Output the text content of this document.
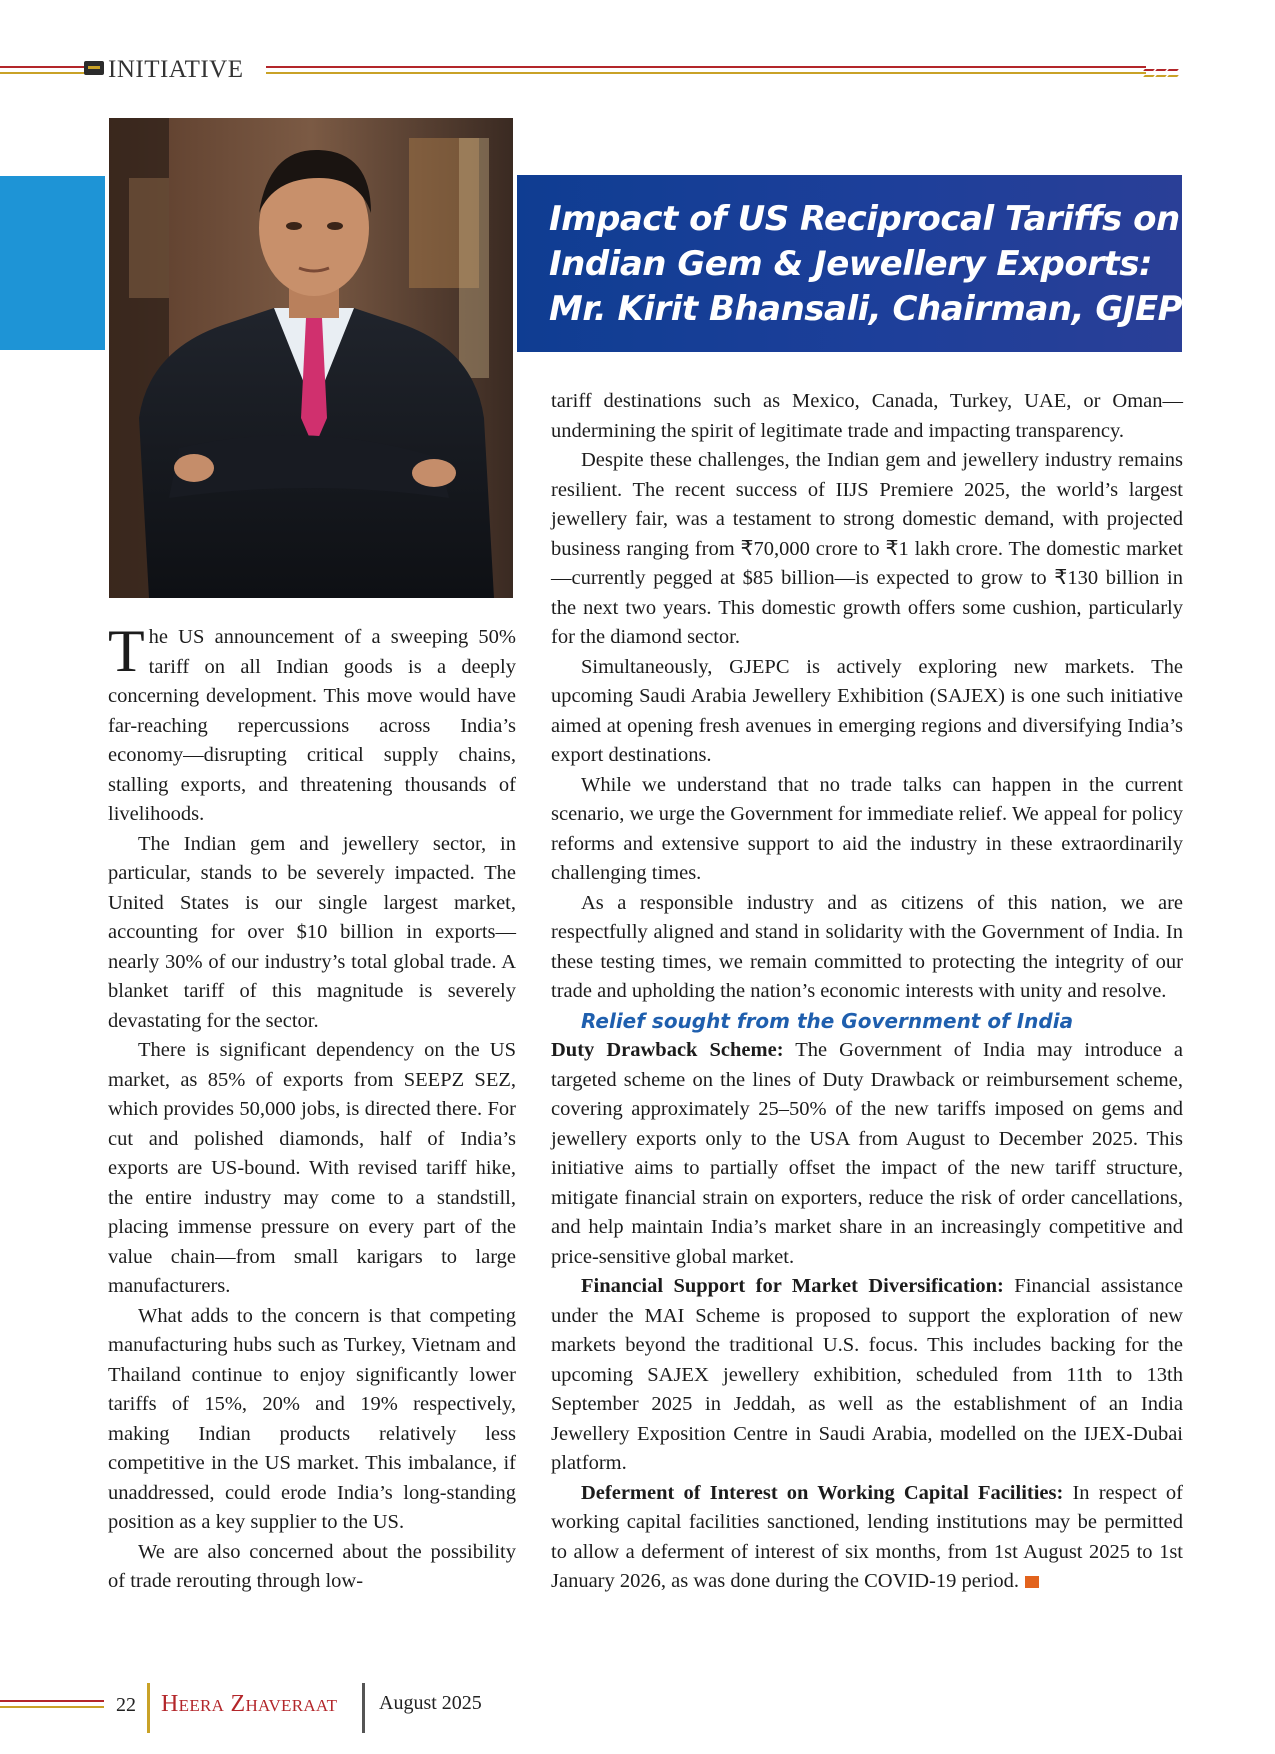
INITIATIVE
Impact of US Reciprocal Tariffs on
Indian Gem & Jewellery Exports:
Mr. Kirit Bhansali, Chairman, GJEPC

The US announcement of a sweeping 50% tariff on all Indian goods is a deeply concerning development. This move would have far-reaching repercussions across India’s economy—disrupting critical supply chains, stalling exports, and threatening thousands of livelihoods.

The Indian gem and jewellery sector, in particular, stands to be severely impacted. The United States is our single largest market, accounting for over $10 billion in exports—nearly 30% of our industry’s total global trade. A blanket tariff of this magnitude is severely devastating for the sector.

There is significant dependency on the US market, as 85% of exports from SEEPZ SEZ, which provides 50,000 jobs, is directed there. For cut and polished diamonds, half of India’s exports are US-bound. With revised tariff hike, the entire industry may come to a standstill, placing immense pressure on every part of the value chain—from small karigars to large manufacturers.

What adds to the concern is that competing manufacturing hubs such as Turkey, Vietnam and Thailand continue to enjoy significantly lower tariffs of 15%, 20% and 19% respectively, making Indian products relatively less competitive in the US market. This imbalance, if unaddressed, could erode India’s long-standing position as a key supplier to the US.

We are also concerned about the possibility of trade rerouting through low-

tariff destinations such as Mexico, Canada, Turkey, UAE, or Oman—undermining the spirit of legitimate trade and impacting transparency.

Despite these challenges, the Indian gem and jewellery industry remains resilient. The recent success of IIJS Premiere 2025, the world’s largest jewellery fair, was a testament to strong domestic demand, with projected business ranging from ₹70,000 crore to ₹1 lakh crore. The domestic market—currently pegged at $85 billion—is expected to grow to ₹130 billion in the next two years. This domestic growth offers some cushion, particularly for the diamond sector.

Simultaneously, GJEPC is actively exploring new markets. The upcoming Saudi Arabia Jewellery Exhibition (SAJEX) is one such initiative aimed at opening fresh avenues in emerging regions and diversifying India’s export destinations.

While we understand that no trade talks can happen in the current scenario, we urge the Government for immediate relief. We appeal for policy reforms and extensive support to aid the industry in these extraordinarily challenging times.

As a responsible industry and as citizens of this nation, we are respectfully aligned and stand in solidarity with the Government of India. In these testing times, we remain committed to protecting the integrity of our trade and upholding the nation’s economic interests with unity and resolve.

Relief sought from the Government of India

Duty Drawback Scheme: The Government of India may introduce a targeted scheme on the lines of Duty Drawback or reimbursement scheme, covering approximately 25–50% of the new tariffs imposed on gems and jewellery exports only to the USA from August to December 2025. This initiative aims to partially offset the impact of the new tariff structure, mitigate financial strain on exporters, reduce the risk of order cancellations, and help maintain India’s market share in an increasingly competitive and price-sensitive global market.

Financial Support for Market Diversification: Financial assistance under the MAI Scheme is proposed to support the exploration of new markets beyond the traditional U.S. focus. This includes backing for the upcoming SAJEX jewellery exhibition, scheduled from 11th to 13th September 2025 in Jeddah, as well as the establishment of an India Jewellery Exposition Centre in Saudi Arabia, modelled on the IJEX-Dubai platform.

Deferment of Interest on Working Capital Facilities: In respect of working capital facilities sanctioned, lending institutions may be permitted to allow a deferment of interest of six months, from 1st August 2025 to 1st January 2026, as was done during the COVID-19 period.	HZ

22 Heera Zhaveraat August 2025
